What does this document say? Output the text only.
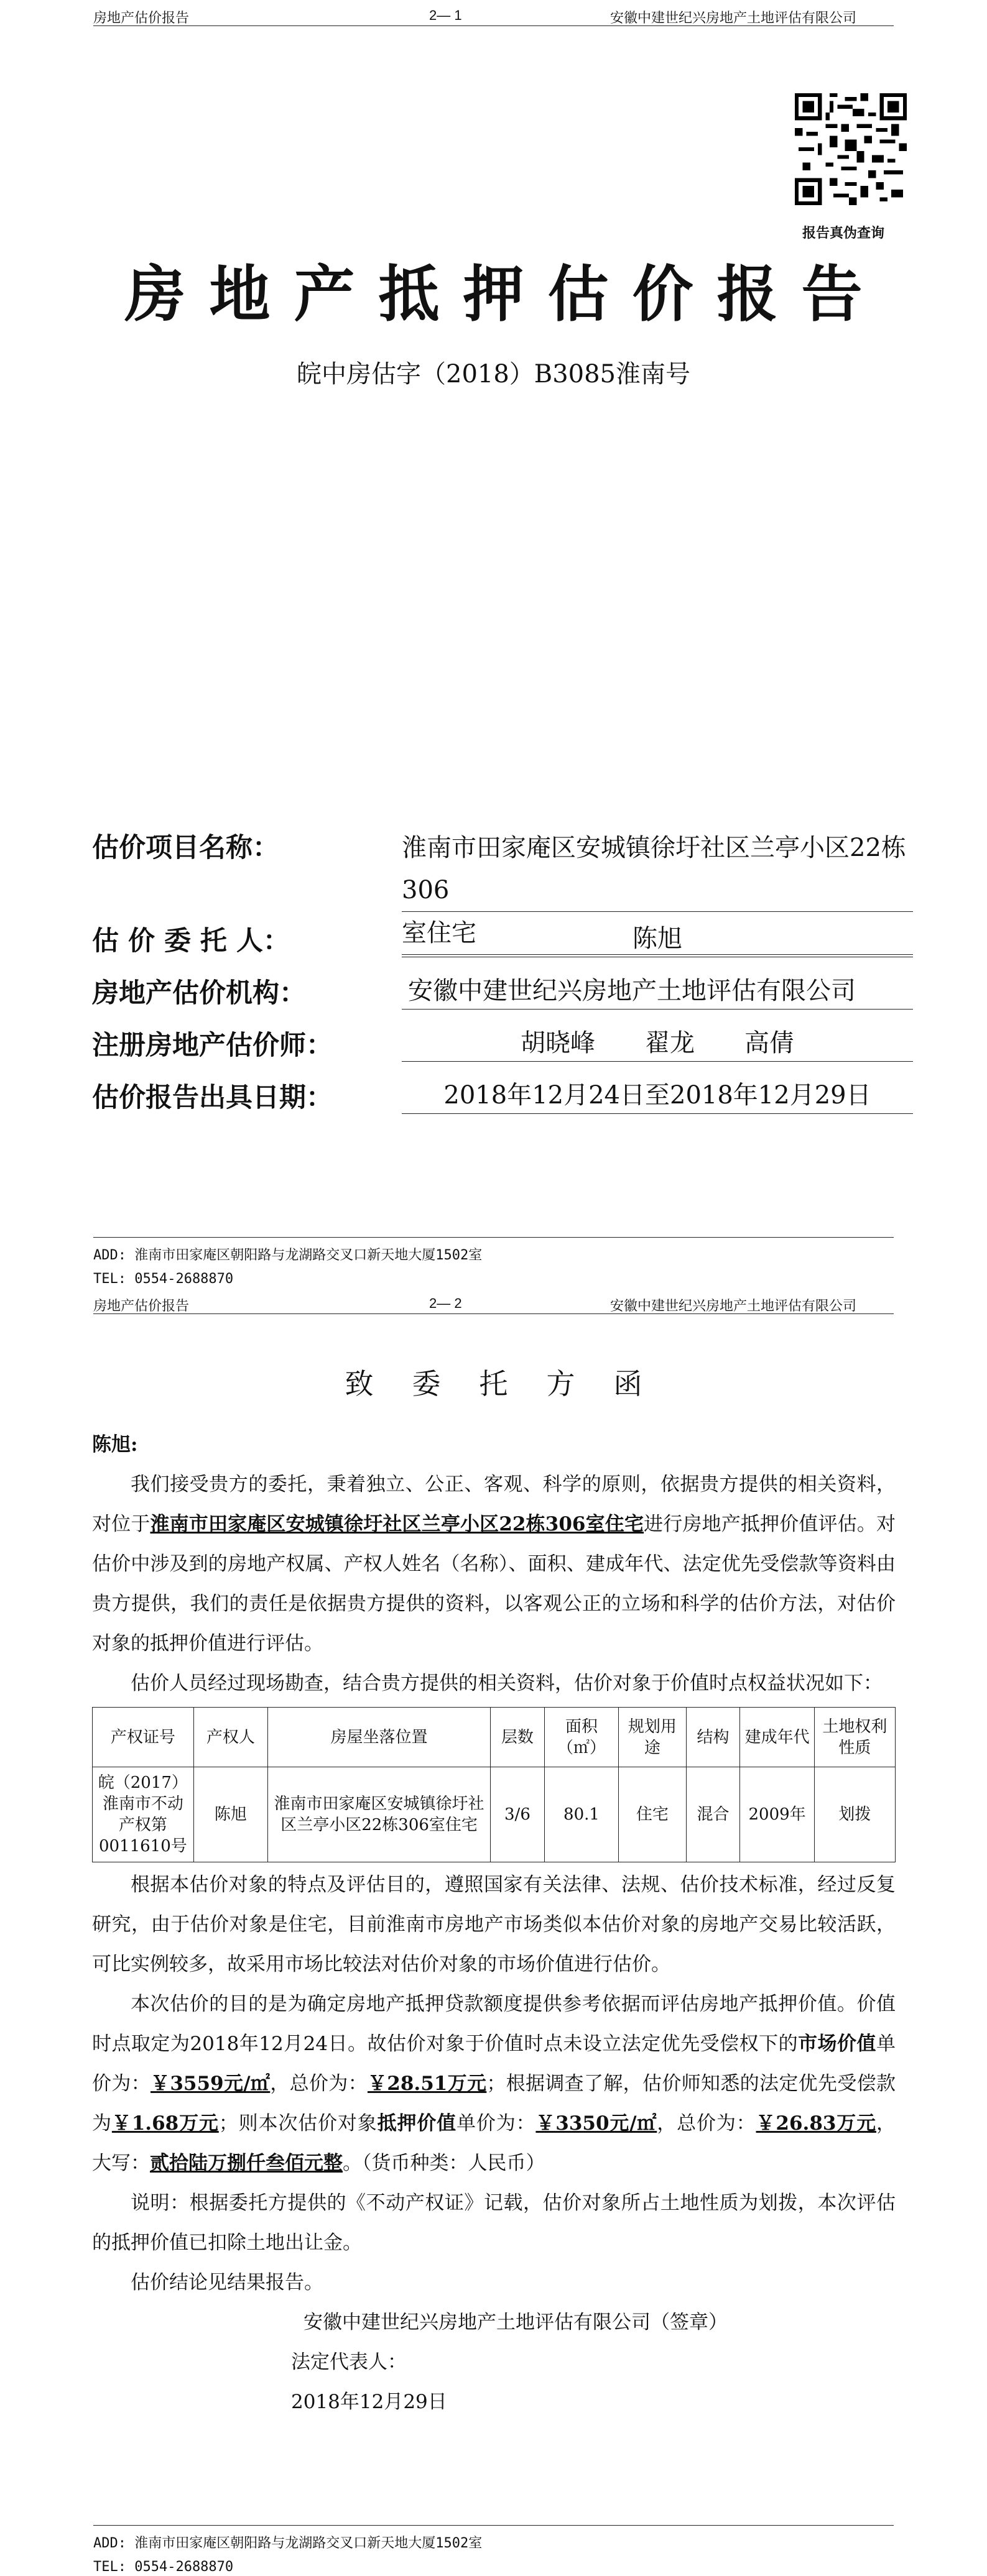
房地产估价报告	2— 1	安徽中建世纪兴房地产土地评估有限公司
报告真伪查询
房地产抵押估价报告
皖中房估字（2018）B3085淮南号
估价项目名称：	淮南市田家庵区安城镇徐圩社区兰亭小区22栋306
室住宅
估 价 委 托 人：	陈旭
房地产估价机构：	安徽中建世纪兴房地产土地评估有限公司
注册房地产估价师：	胡晓峰　　翟龙　　高倩
估价报告出具日期：	2018年12月24日至2018年12月29日
ADD: 淮南市田家庵区朝阳路与龙湖路交叉口新天地大厦1502室
TEL: 0554-2688870
房地产估价报告	2— 2	安徽中建世纪兴房地产土地评估有限公司
致委托方函

陈旭:

我们接受贵方的委托，秉着独立、公正、客观、科学的原则，依据贵方提供的相关资料，对位于淮南市田家庵区安城镇徐圩社区兰亭小区22栋306室住宅进行房地产抵押价值评估。对估价中涉及到的房地产权属、产权人姓名（名称）、面积、建成年代、法定优先受偿款等资料由贵方提供，我们的责任是依据贵方提供的资料，以客观公正的立场和科学的估价方法，对估价对象的抵押价值进行评估。

估价人员经过现场勘查，结合贵方提供的相关资料，估价对象于价值时点权益状况如下：

产权证号	产权人	房屋坐落位置	层数	面积（㎡）	规划用途	结构	建成年代	土地权利性质
皖（2017）淮南市不动产权第0011610号	陈旭	淮南市田家庵区安城镇徐圩社区兰亭小区22栋306室住宅	3/6	80.1	住宅	混合	2009年	划拨

根据本估价对象的特点及评估目的，遵照国家有关法律、法规、估价技术标准，经过反复研究，由于估价对象是住宅，目前淮南市房地产市场类似本估价对象的房地产交易比较活跃，可比实例较多，故采用市场比较法对估价对象的市场价值进行估价。

本次估价的目的是为确定房地产抵押贷款额度提供参考依据而评估房地产抵押价值。价值时点取定为2018年12月24日。故估价对象于价值时点未设立法定优先受偿权下的市场价值单价为：￥3559元/㎡，总价为：￥28.51万元；根据调查了解，估价师知悉的法定优先受偿款为￥1.68万元；则本次估价对象抵押价值单价为：￥3350元/㎡，总价为：￥26.83万元，大写：贰拾陆万捌仟叁佰元整。（货币种类：人民币）

说明：根据委托方提供的《不动产权证》记载，估价对象所占土地性质为划拨，本次评估的抵押价值已扣除土地出让金。

估价结论见结果报告。

安徽中建世纪兴房地产土地评估有限公司（签章）

法定代表人：

2018年12月29日

ADD: 淮南市田家庵区朝阳路与龙湖路交叉口新天地大厦1502室
TEL: 0554-2688870
